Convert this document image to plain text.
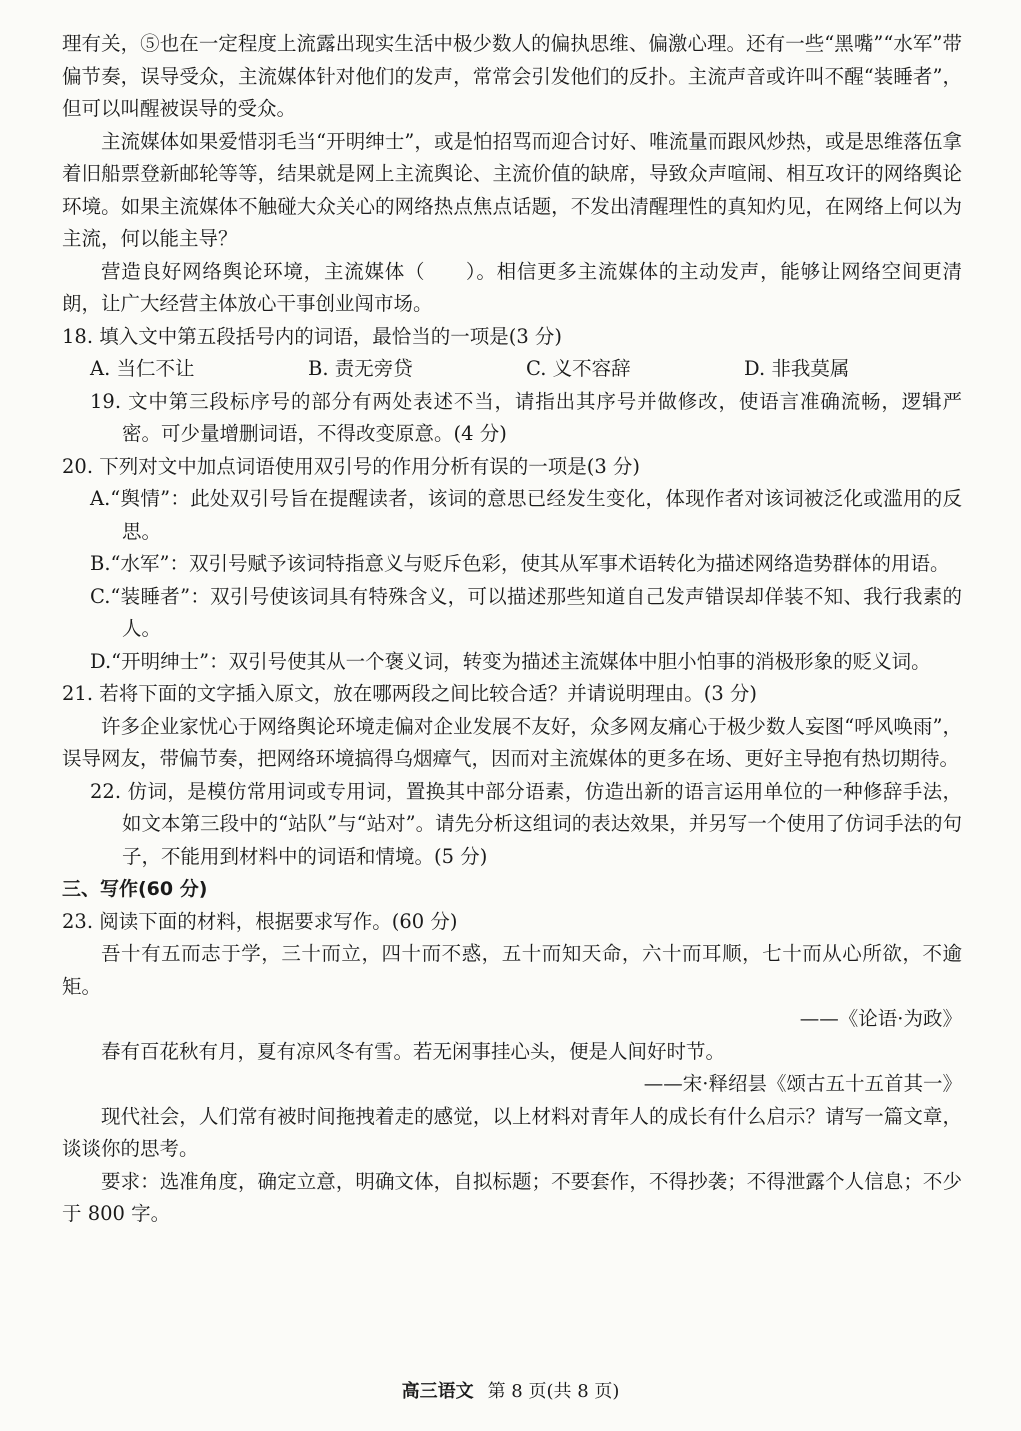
理有关，⑤也在一定程度上流露出现实生活中极少数人的偏执思维、偏激心理。还有一些“黑嘴”“水军”带偏节奏，误导受众，主流媒体针对他们的发声，常常会引发他们的反扑。主流声音或许叫不醒“装睡者”，但可以叫醒被误导的受众。

主流媒体如果爱惜羽毛当“开明绅士”，或是怕招骂而迎合讨好、唯流量而跟风炒热，或是思维落伍拿着旧船票登新邮轮等等，结果就是网上主流舆论、主流价值的缺席，导致众声喧闹、相互攻讦的网络舆论环境。如果主流媒体不触碰大众关心的网络热点焦点话题，不发出清醒理性的真知灼见，在网络上何以为主流，何以能主导？

营造良好网络舆论环境，主流媒体（　　）。相信更多主流媒体的主动发声，能够让网络空间更清朗，让广大经营主体放心干事创业闯市场。

18. 填入文中第五段括号内的词语，最恰当的一项是(3 分)

A. 当仁不让	B. 责无旁贷	C. 义不容辞	D. 非我莫属

19. 文中第三段标序号的部分有两处表述不当，请指出其序号并做修改，使语言准确流畅，逻辑严密。可少量增删词语，不得改变原意。(4 分)

20. 下列对文中加点词语使用双引号的作用分析有误的一项是(3 分)

A.“舆情”：此处双引号旨在提醒读者，该词的意思已经发生变化，体现作者对该词被泛化或滥用的反思。

B.“水军”：双引号赋予该词特指意义与贬斥色彩，使其从军事术语转化为描述网络造势群体的用语。

C.“装睡者”：双引号使该词具有特殊含义，可以描述那些知道自己发声错误却佯装不知、我行我素的人。

D.“开明绅士”：双引号使其从一个褒义词，转变为描述主流媒体中胆小怕事的消极形象的贬义词。

21. 若将下面的文字插入原文，放在哪两段之间比较合适？并请说明理由。(3 分)

许多企业家忧心于网络舆论环境走偏对企业发展不友好，众多网友痛心于极少数人妄图“呼风唤雨”，误导网友，带偏节奏，把网络环境搞得乌烟瘴气，因而对主流媒体的更多在场、更好主导抱有热切期待。

22. 仿词，是模仿常用词或专用词，置换其中部分语素，仿造出新的语言运用单位的一种修辞手法，如文本第三段中的“站队”与“站对”。请先分析这组词的表达效果，并另写一个使用了仿词手法的句子，不能用到材料中的词语和情境。(5 分)

三、写作(60 分)

23. 阅读下面的材料，根据要求写作。(60 分)

吾十有五而志于学，三十而立，四十而不惑，五十而知天命，六十而耳顺，七十而从心所欲，不逾矩。

——《论语·为政》

春有百花秋有月，夏有凉风冬有雪。若无闲事挂心头，便是人间好时节。

——宋·释绍昙《颂古五十五首其一》

现代社会，人们常有被时间拖拽着走的感觉，以上材料对青年人的成长有什么启示？请写一篇文章，谈谈你的思考。

要求：选准角度，确定立意，明确文体，自拟标题；不要套作，不得抄袭；不得泄露个人信息；不少于 800 字。

高三语文 第 8 页(共 8 页)
